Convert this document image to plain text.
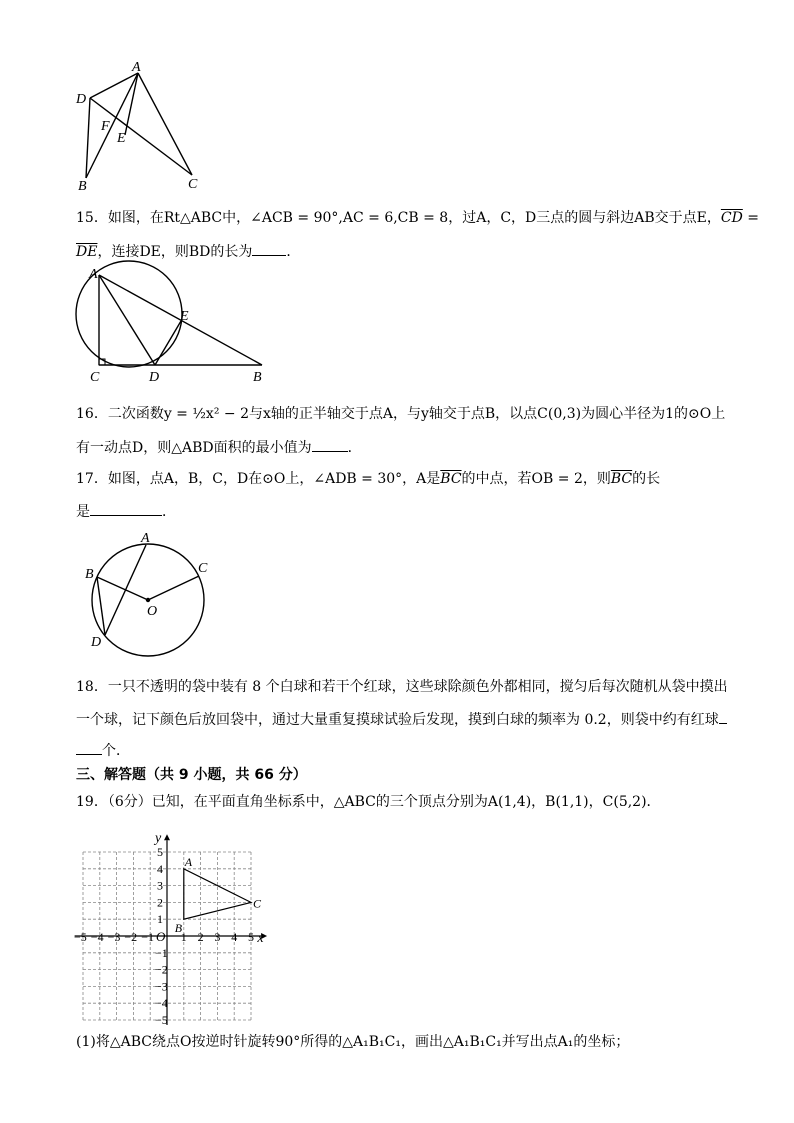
A
D
F
E
B	C
15．如图，在Rt△ABC中，∠ACB = 90°,AC = 6,CB = 8，过A，C，D三点的圆与斜边AB交于点E，$\overline{CD}$ =
$\overline{DE}$，连接DE，则BD的长为 ．
A
E
C	D	B
16．二次函数y = ½x² − 2与x轴的正半轴交于点A，与y轴交于点B，以点C(0,3)为圆心半径为1的⊙O上
有一动点D，则△ABD面积的最小值为	．
17．如图，点A，B，C，D在⊙O上，∠ADB = 30°，A是$\overline{BC}$的中点，若OB = 2，则$\overline{BC}$的长
是	．
A
B	C
O
D
18．一只不透明的袋中装有 8 个白球和若干个红球，这些球除颜色外都相同，搅匀后每次随机从袋中摸出
一个球，记下颜色后放回袋中，通过大量重复摸球试验后发现，摸到白球的频率为 0.2，则袋中约有红球
个．
三、解答题（共 9 小题，共 66 分）
19．（6分）已知，在平面直角坐标系中，△ABC的三个顶点分别为A(1,4)，B(1,1)，C(5,2)．
−5 −4 −3 −2 −1 1 2 3 4 5
5
4
3
2
1
−1
−2
−3
−4
−5
O	x
y
A
B
C
(1)将△ABC绕点O按逆时针旋转90°所得的△A₁B₁C₁，画出△A₁B₁C₁并写出点A₁的坐标；
